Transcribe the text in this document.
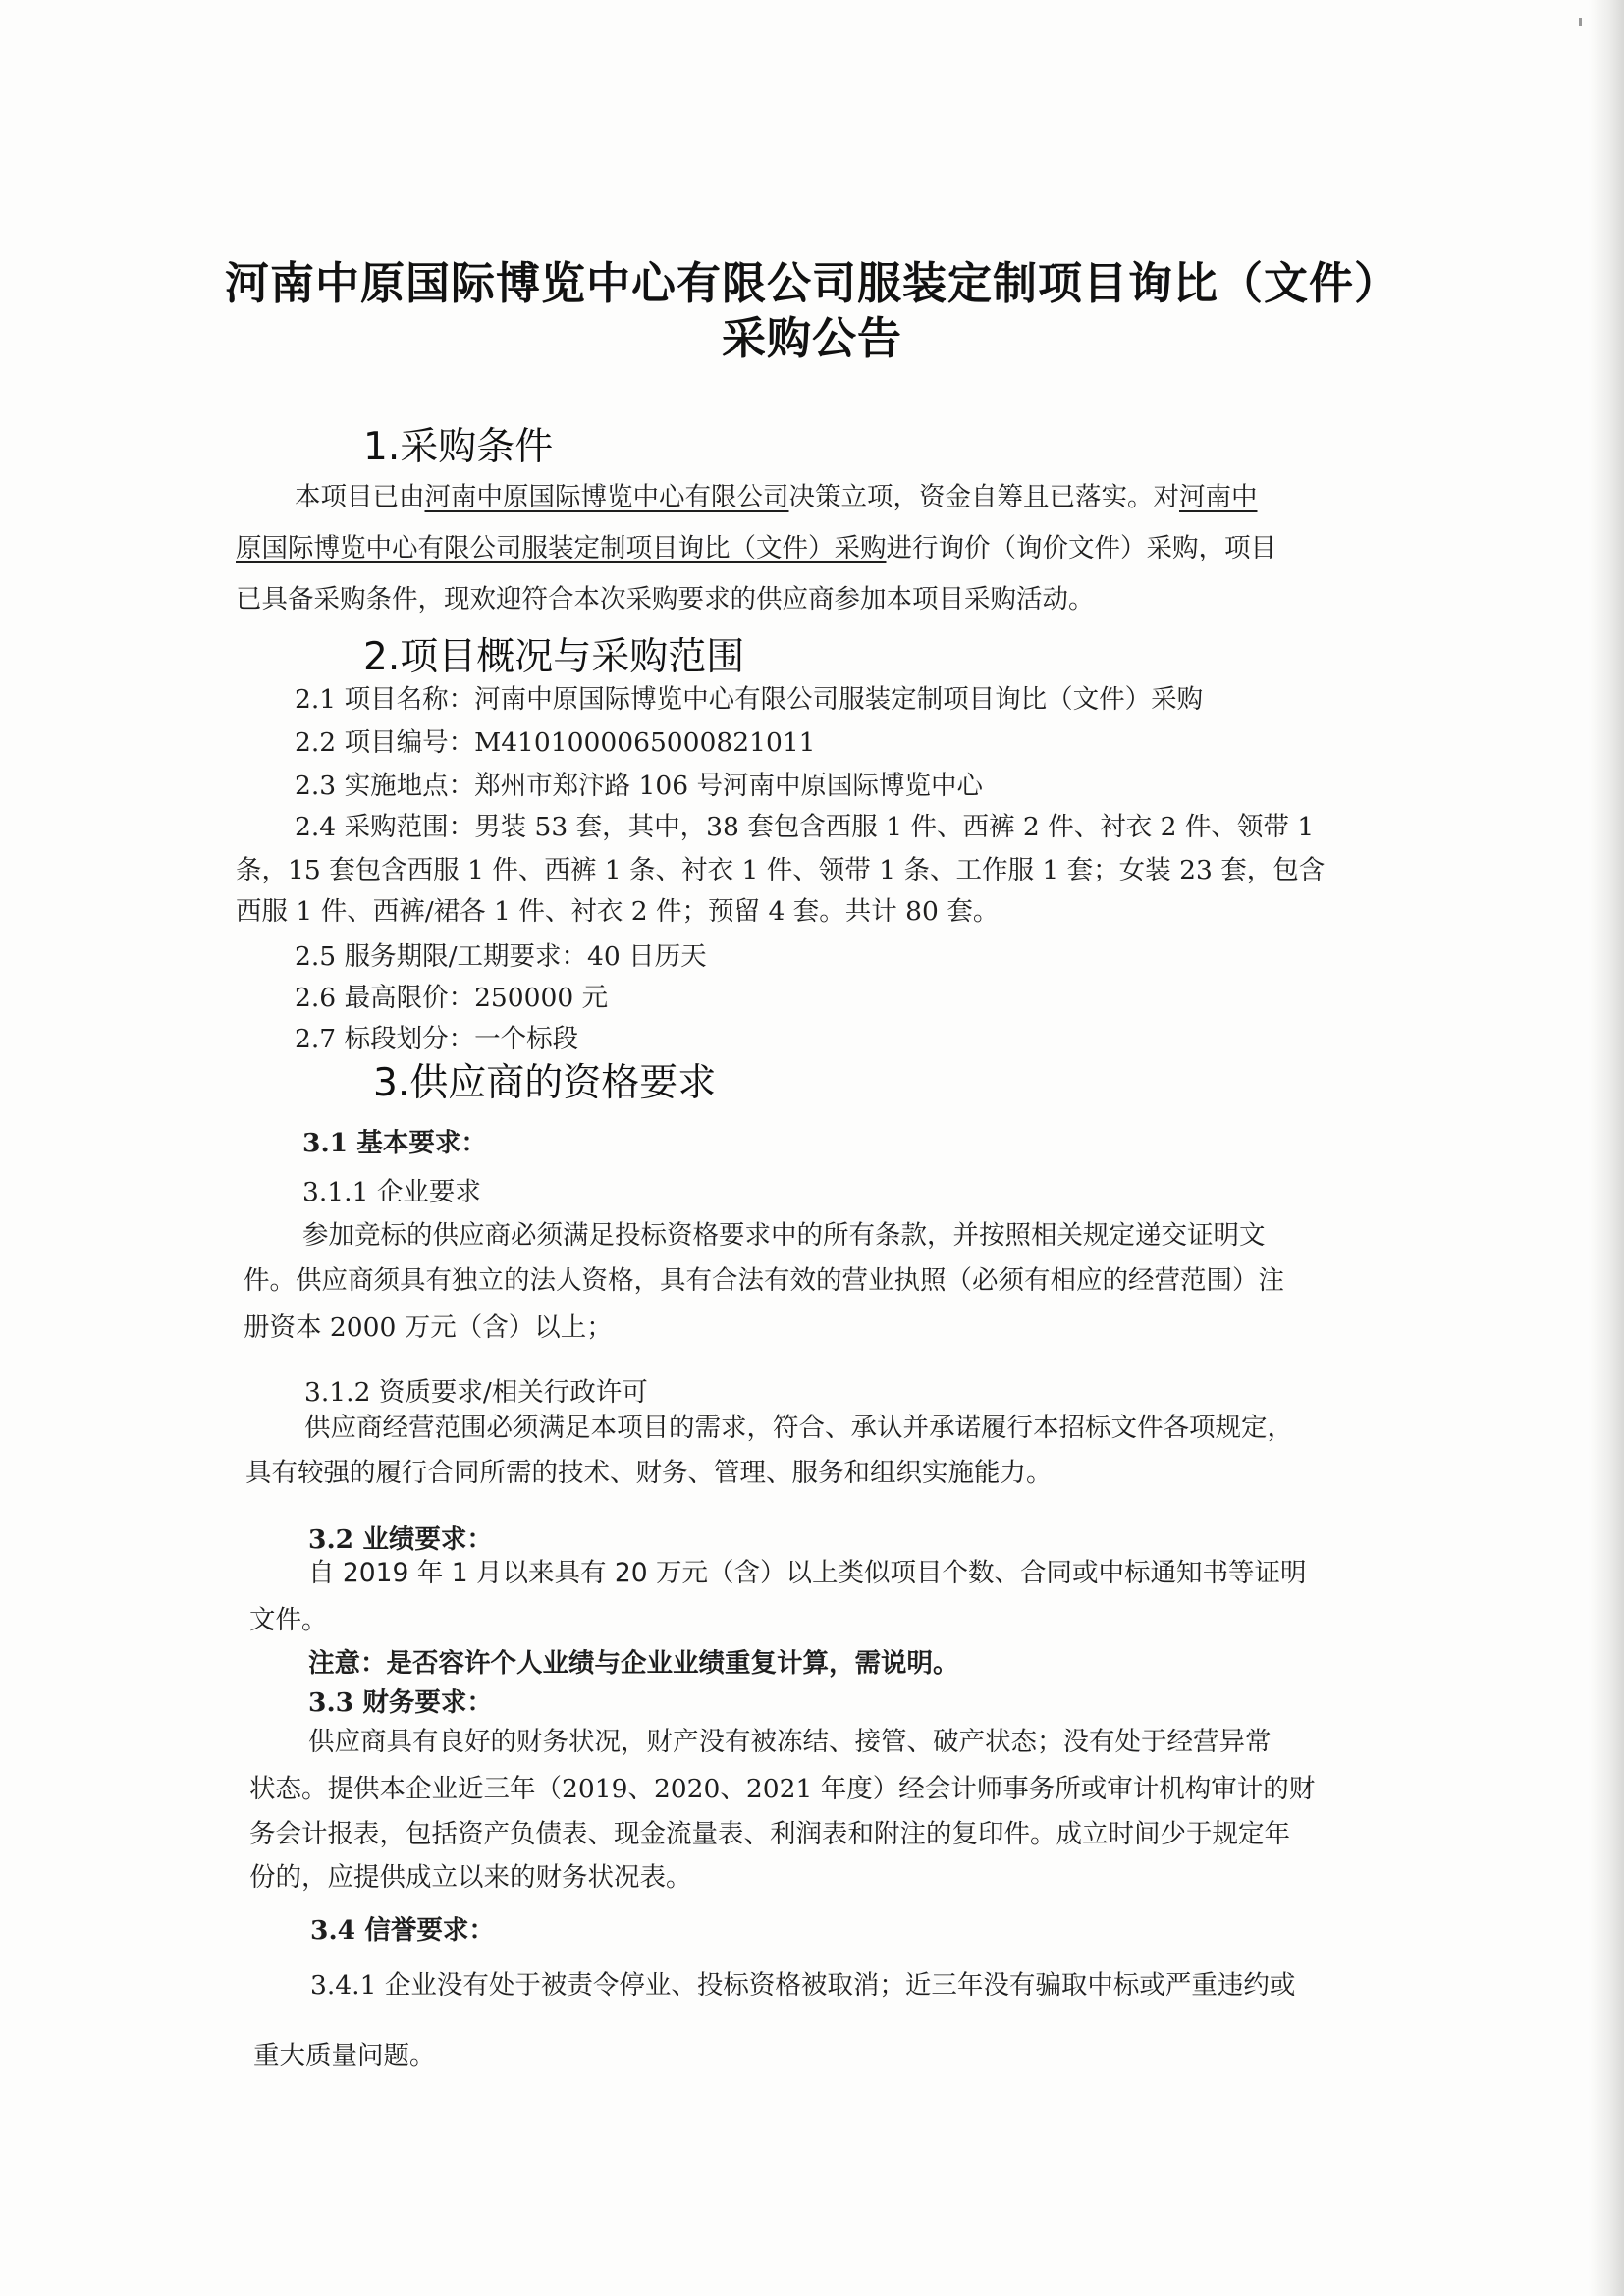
河南中原国际博览中心有限公司服装定制项目询比（文件）
采购公告
1.采购条件
本项目已由河南中原国际博览中心有限公司决策立项，资金自筹且已落实。对河南中
原国际博览中心有限公司服装定制项目询比（文件）采购进行询价（询价文件）采购，项目
已具备采购条件，现欢迎符合本次采购要求的供应商参加本项目采购活动。
2.项目概况与采购范围
2.1 项目名称：河南中原国际博览中心有限公司服装定制项目询比（文件）采购
2.2 项目编号：M4101000065000821011
2.3 实施地点：郑州市郑汴路 106 号河南中原国际博览中心
2.4 采购范围：男装 53 套，其中，38 套包含西服 1 件、西裤 2 件、衬衣 2 件、领带 1
条，15 套包含西服 1 件、西裤 1 条、衬衣 1 件、领带 1 条、工作服 1 套；女装 23 套，包含
西服 1 件、西裤/裙各 1 件、衬衣 2 件；预留 4 套。共计 80 套。
2.5 服务期限/工期要求：40 日历天
2.6 最高限价：250000 元
2.7 标段划分：一个标段
3.供应商的资格要求
3.1 基本要求：
3.1.1 企业要求
参加竞标的供应商必须满足投标资格要求中的所有条款，并按照相关规定递交证明文
件。供应商须具有独立的法人资格，具有合法有效的营业执照（必须有相应的经营范围）注
册资本 2000 万元（含）以上；
3.1.2 资质要求/相关行政许可
供应商经营范围必须满足本项目的需求，符合、承认并承诺履行本招标文件各项规定，
具有较强的履行合同所需的技术、财务、管理、服务和组织实施能力。
3.2 业绩要求：
自 2019 年 1 月以来具有 20 万元（含）以上类似项目个数、合同或中标通知书等证明
文件。
注意：是否容许个人业绩与企业业绩重复计算，需说明。
3.3 财务要求：
供应商具有良好的财务状况，财产没有被冻结、接管、破产状态；没有处于经营异常
状态。提供本企业近三年（2019、2020、2021 年度）经会计师事务所或审计机构审计的财
务会计报表，包括资产负债表、现金流量表、利润表和附注的复印件。成立时间少于规定年
份的，应提供成立以来的财务状况表。
3.4 信誉要求：
3.4.1 企业没有处于被责令停业、投标资格被取消；近三年没有骗取中标或严重违约或
重大质量问题。
